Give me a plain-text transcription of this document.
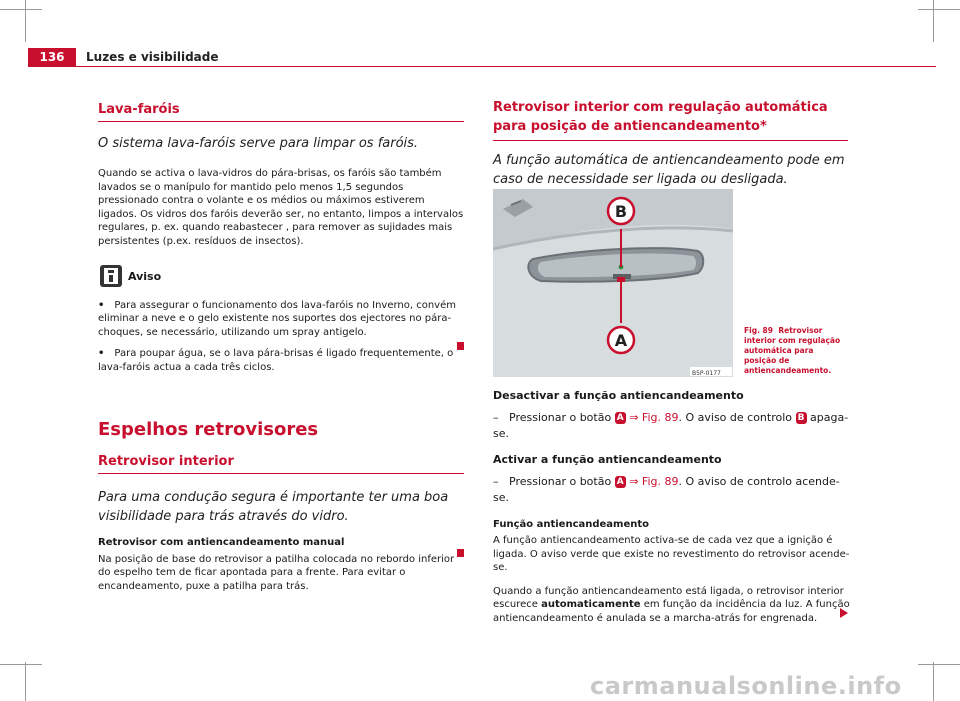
136	Luzes e visibilidade
Lava-faróis
O sistema lava-faróis serve para limpar os faróis.

Quando se activa o lava-vidros do pára-brisas, os faróis são também lavados se o manípulo for mantido pelo menos 1,5 segundos pressionado contra o volante e os médios ou máximos estiverem ligados. Os vidros dos faróis deverão ser, no entanto, limpos a intervalos regulares, p. ex. quando reabastecer , para remover as sujidades mais persistentes (p.ex. resíduos de insectos).

Aviso

• Para assegurar o funcionamento dos lava-faróis no Inverno, convém eliminar a neve e o gelo existente nos suportes dos ejectores no pára-choques, se necessário, utilizando um spray antigelo.

• Para poupar água, se o lava pára-brisas é ligado frequentemente, o lava-faróis actua a cada três ciclos.

Espelhos retrovisores
Retrovisor interior
Para uma condução segura é importante ter uma boa visibilidade para trás através do vidro.
Retrovisor com antiencandeamento manual

Na posição de base do retrovisor a patilha colocada no rebordo inferior do espelho tem de ficar apontada para a frente. Para evitar o encandeamento, puxe a patilha para trás.

Retrovisor interior com regulação automática para posição de antiencandeamento*
A função automática de antiencandeamento pode em caso de necessidade ser ligada ou desligada.
B
A
B5P-0177
Fig. 89 Retrovisor interior com regulação automática para posição de antiencandeamento.
Desactivar a função antiencandeamento
– Pressionar o botão A ⇒ Fig. 89. O aviso de controlo B apaga-se.
Activar a função antiencandeamento
– Pressionar o botão A ⇒ Fig. 89. O aviso de controlo acende-se.
Função antiencandeamento

A função antiencandeamento activa-se de cada vez que a ignição é ligada. O aviso verde que existe no revestimento do retrovisor acende-se.

Quando a função antiencandeamento está ligada, o retrovisor interior escurece automaticamente em função da incidência da luz. A função antiencandeamento é anulada se a marcha-atrás for engrenada.

carmanualsonline.info
